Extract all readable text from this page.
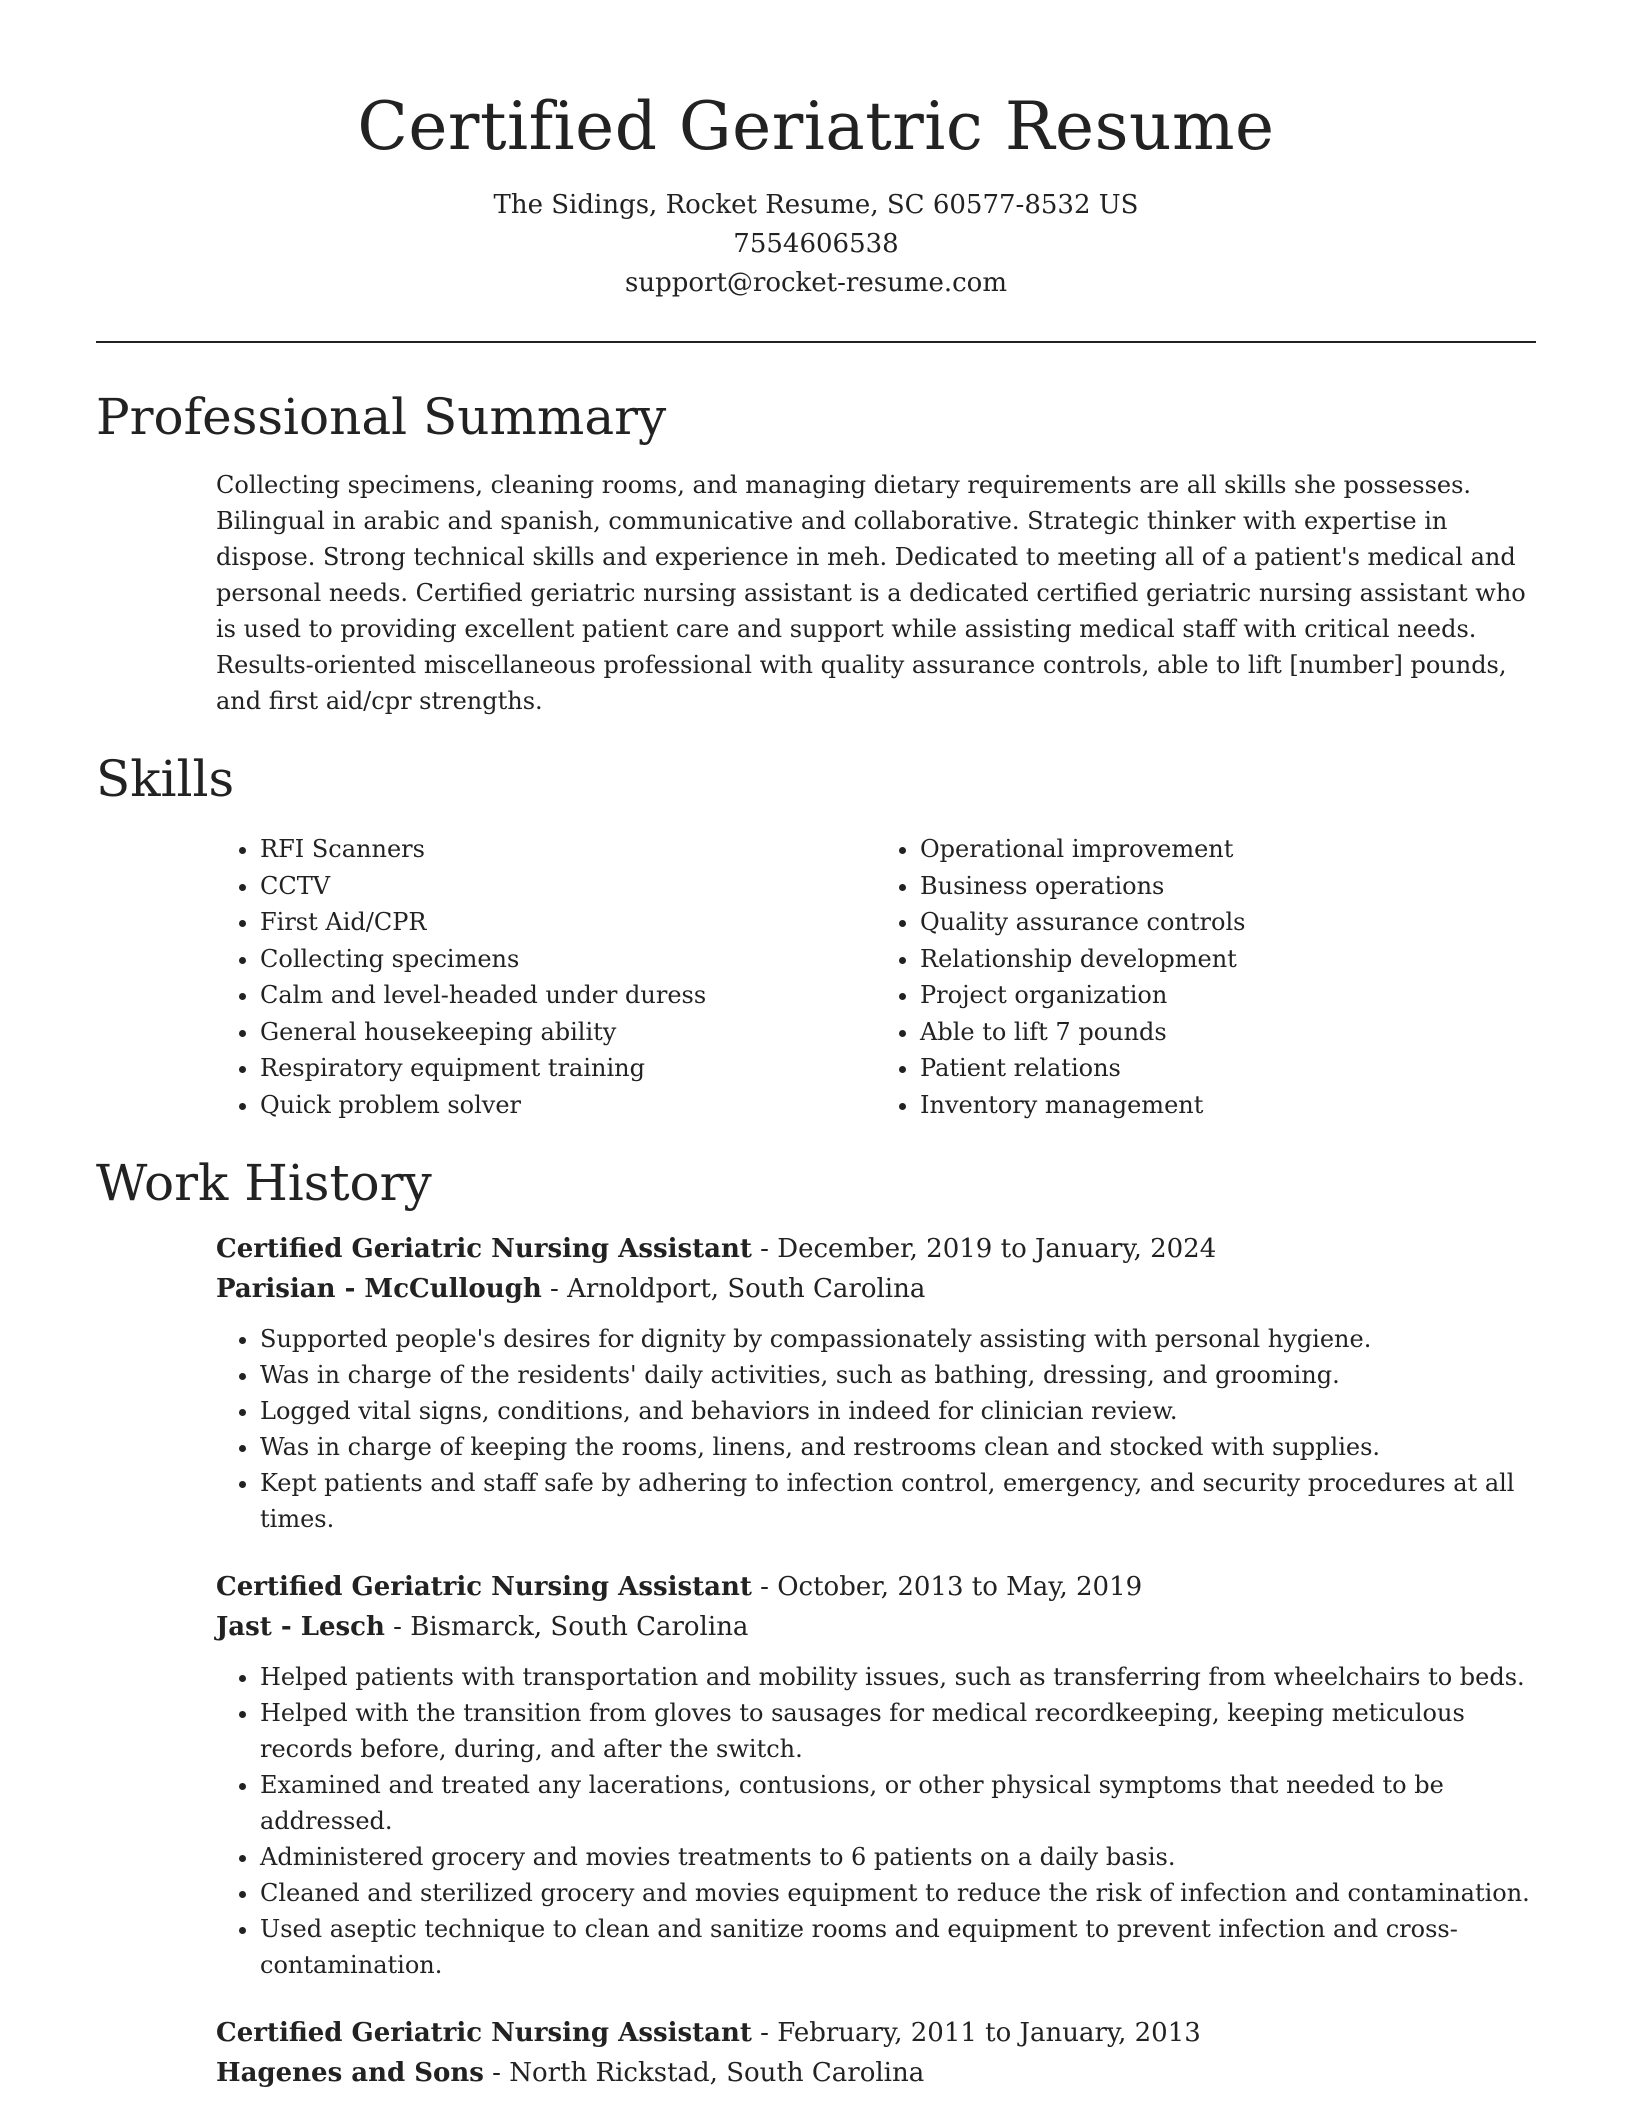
Certified Geriatric Resume
The Sidings, Rocket Resume, SC 60577-8532 US
7554606538
support@rocket-resume.com
Professional Summary
Collecting specimens, cleaning rooms, and managing dietary requirements are all skills she possesses. Bilingual in arabic and spanish, communicative and collaborative. Strategic thinker with expertise in dispose. Strong technical skills and experience in meh. Dedicated to meeting all of a patient's medical and personal needs. Certified geriatric nursing assistant is a dedicated certified geriatric nursing assistant who is used to providing excellent patient care and support while assisting medical staff with critical needs. Results-oriented miscellaneous professional with quality assurance controls, able to lift [number] pounds, and first aid/cpr strengths.
Skills
• RFI Scanners
• CCTV
• First Aid/CPR
• Collecting specimens
• Calm and level-headed under duress
• General housekeeping ability
• Respiratory equipment training
• Quick problem solver
• Operational improvement
• Business operations
• Quality assurance controls
• Relationship development
• Project organization
• Able to lift 7 pounds
• Patient relations
• Inventory management
Work History
Certified Geriatric Nursing Assistant - December, 2019 to January, 2024
Parisian - McCullough - Arnoldport, South Carolina
• Supported people's desires for dignity by compassionately assisting with personal hygiene.
• Was in charge of the residents' daily activities, such as bathing, dressing, and grooming.
• Logged vital signs, conditions, and behaviors in indeed for clinician review.
• Was in charge of keeping the rooms, linens, and restrooms clean and stocked with supplies.
• Kept patients and staff safe by adhering to infection control, emergency, and security procedures at all times.
Certified Geriatric Nursing Assistant - October, 2013 to May, 2019
Jast - Lesch - Bismarck, South Carolina
• Helped patients with transportation and mobility issues, such as transferring from wheelchairs to beds.
• Helped with the transition from gloves to sausages for medical recordkeeping, keeping meticulous records before, during, and after the switch.
• Examined and treated any lacerations, contusions, or other physical symptoms that needed to be addressed.
• Administered grocery and movies treatments to 6 patients on a daily basis.
• Cleaned and sterilized grocery and movies equipment to reduce the risk of infection and contamination.
• Used aseptic technique to clean and sanitize rooms and equipment to prevent infection and cross-contamination.
Certified Geriatric Nursing Assistant - February, 2011 to January, 2013
Hagenes and Sons - North Rickstad, South Carolina
